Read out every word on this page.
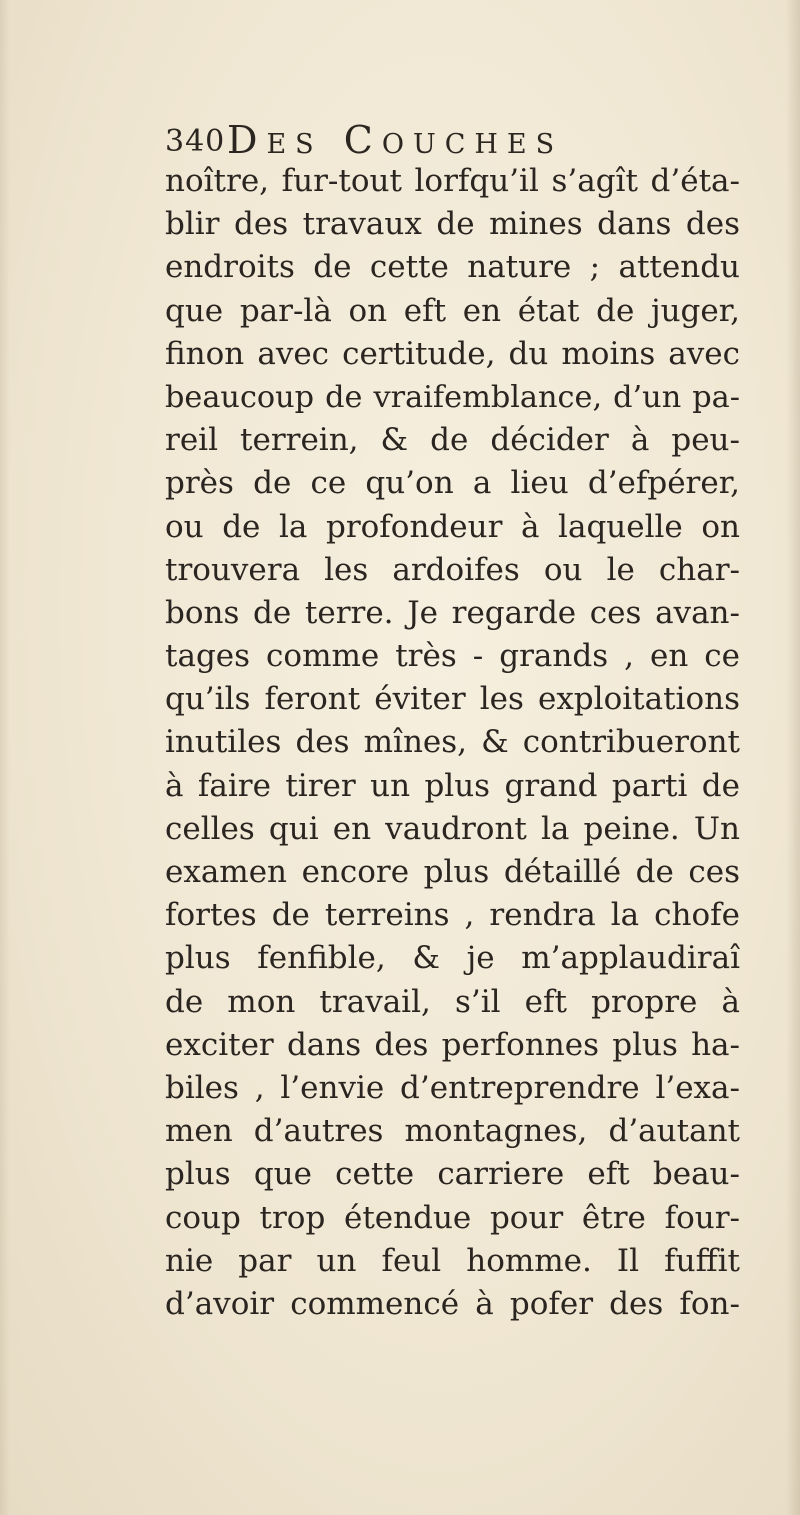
340 Des Couches
noître, fur-tout lorfqu’il s’agît d’éta-
blir des travaux de mines dans des
endroits de cette nature ; attendu
que par-là on eft en état de juger,
finon avec certitude, du moins avec
beaucoup de vraifemblance, d’un pa-
reil terrein, & de décider à peu-
près de ce qu’on a lieu d’efpérer,
ou de la profondeur à laquelle on
trouvera les ardoifes ou le char-
bons de terre. Je regarde ces avan-
tages comme très - grands , en ce
qu’ils feront éviter les exploitations
inutiles des mînes, & contribueront
à faire tirer un plus grand parti de
celles qui en vaudront la peine. Un
examen encore plus détaillé de ces
fortes de terreins , rendra la chofe
plus fenfible, & je m’applaudiraî
de mon travail, s’il eft propre à
exciter dans des perfonnes plus ha-
biles , l’envie d’entreprendre l’exa-
men d’autres montagnes, d’autant
plus que cette carriere eft beau-
coup trop étendue pour être four-
nie par un feul homme. Il fuffit
d’avoir commencé à pofer des fon-
